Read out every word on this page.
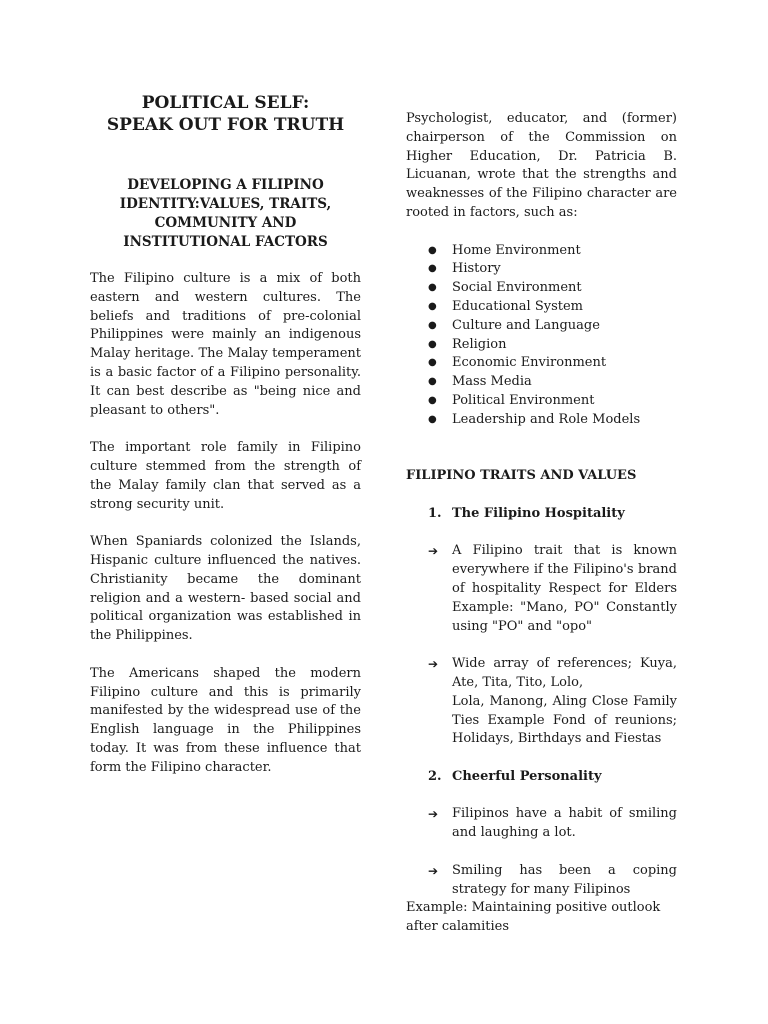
POLITICAL SELF:
SPEAK OUT FOR TRUTH
DEVELOPING A FILIPINO IDENTITY:VALUES, TRAITS, COMMUNITY AND INSTITUTIONAL FACTORS

The Filipino culture is a mix of both eastern and western cultures. The beliefs and traditions of pre-colonial Philippines were mainly an indigenous Malay heritage. The Malay temperament is a basic factor of a Filipino personality. It can best describe as "being nice and pleasant to others".

The important role family in Filipino culture stemmed from the strength of the Malay family clan that served as a strong security unit.

When Spaniards colonized the Islands, Hispanic culture influenced the natives. Christianity became the dominant religion and a western- based social and political organization was established in the Philippines.

The Americans shaped the modern Filipino culture and this is primarily manifested by the widespread use of the English language in the Philippines today. It was from these influence that form the Filipino character.

Psychologist, educator, and (former) chairperson of the Commission on Higher Education, Dr. Patricia B. Licuanan, wrote that the strengths and weaknesses of the Filipino character are rooted in factors, such as:

● Home Environment
● History
● Social Environment
● Educational System
● Culture and Language
● Religion
● Economic Environment
● Mass Media
● Political Environment
● Leadership and Role Models
FILIPINO TRAITS AND VALUES
1. The Filipino Hospitality
➔ A Filipino trait that is known everywhere if the Filipino's brand of hospitality Respect for Elders Example: "Mano, PO" Constantly using "PO" and "opo"
➔ Wide array of references; Kuya, Ate, Tita, Tito, Lolo,
Lola, Manong, Aling Close Family Ties Example Fond of reunions; Holidays, Birthdays and Fiestas
2. Cheerful Personality
➔ Filipinos have a habit of smiling and laughing a lot.
➔ Smiling has been a coping strategy for many Filipinos

Example: Maintaining positive outlook after calamities
